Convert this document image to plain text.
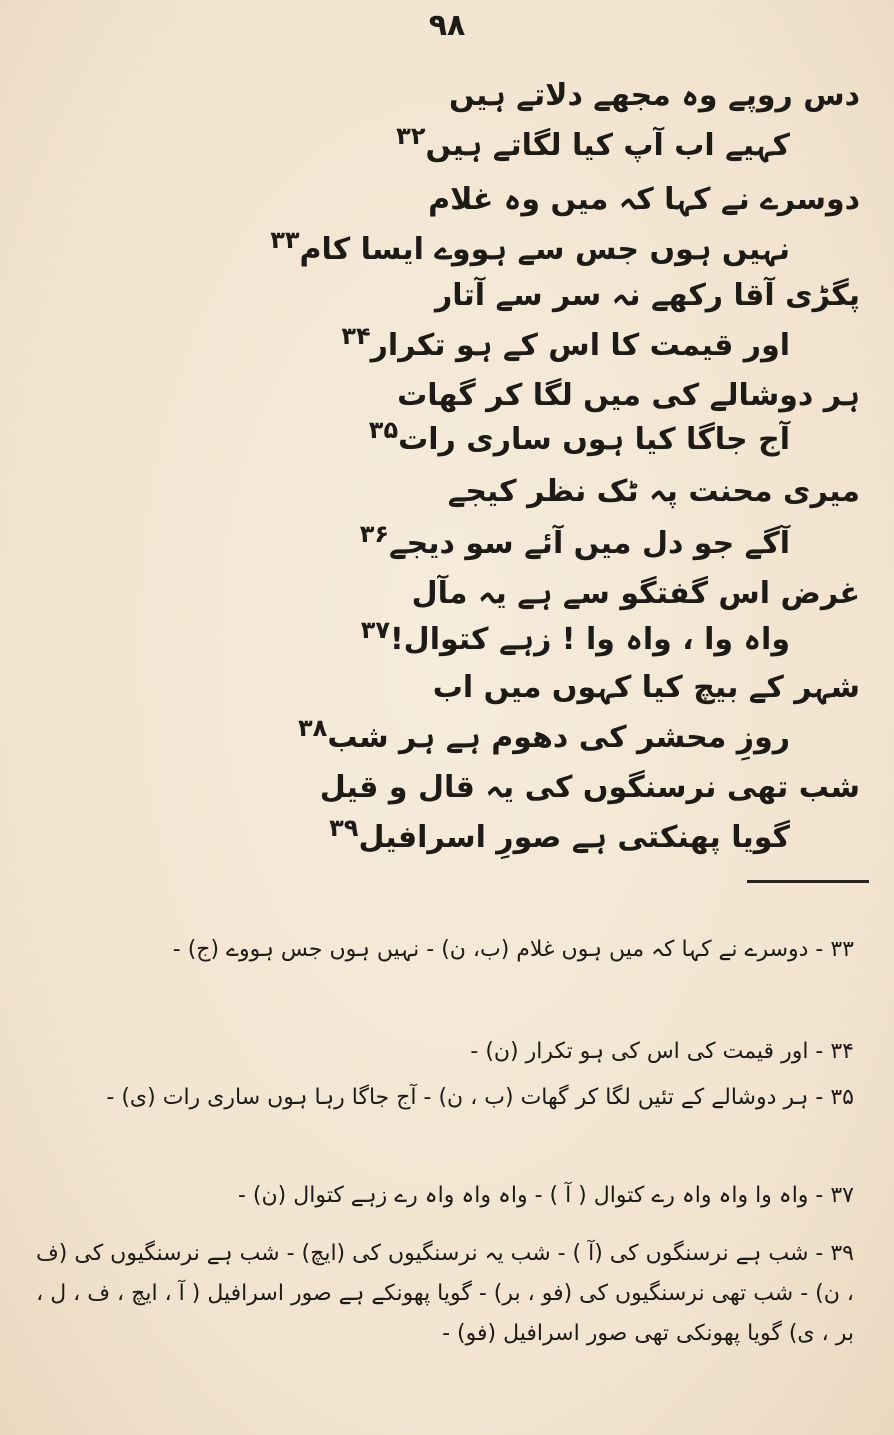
۹۸
دس روپے وہ مجھے دلاتے ہیں
کہیے اب آپ کیا لگاتے ہیں$^{۳۲}$
دوسرے نے کہا کہ میں وہ غلام
نہیں ہوں جس سے ہووے ایسا کام$^{۳۳}$
پگڑی آقا رکھے نہ سر سے آتار
اور قیمت کا اس کے ہو تکرار$^{۳۴}$
ہر دوشالے کی میں لگا کر گھات
آج جاگا کیا ہوں ساری رات$^{۳۵}$
میری محنت پہ ٹک نظر کیجے
آگے جو دل میں آئے سو دیجے$^{۳۶}$
غرض اس گفتگو سے ہے یہ مآل
واہ وا ، واہ وا ! زہے کتوال!$^{۳۷}$
شہر کے بیچ کیا کہوں میں اب
روزِ محشر کی دھوم ہے ہر شب$^{۳۸}$
شب تھی نرسنگوں کی یہ قال و قیل
گویا پھنکتی ہے صورِ اسرافیل$^{۳۹}$
۳۳ - دوسرے نے کہا کہ میں ہوں غلام (ب، ن) - نہیں ہوں جس ہووے (ج) -
۳۴ - اور قیمت کی اس کی ہو تکرار (ن) -
۳۵ - ہر دوشالے کے تئیں لگا کر گھات (ب ، ن) - آج جاگا رہا ہوں ساری رات (ی) -
۳۷ - واہ وا واہ واہ رے کتوال ( آ ) - واہ واہ واہ رے زہے کتوال (ن) -
۳۹ - شب ہے نرسنگوں کی (آ ) - شب یہ نرسنگیوں کی (ایچ) - شب ہے نرسنگیوں کی (ف ، ن) - شب تھی نرسنگیوں کی (فو ، بر) - گویا پھونکے ہے صور اسرافیل ( آ ، ایچ ، ف ، ل ، بر ، ی) گویا پھونکی تھی صور اسرافیل (فو) -
